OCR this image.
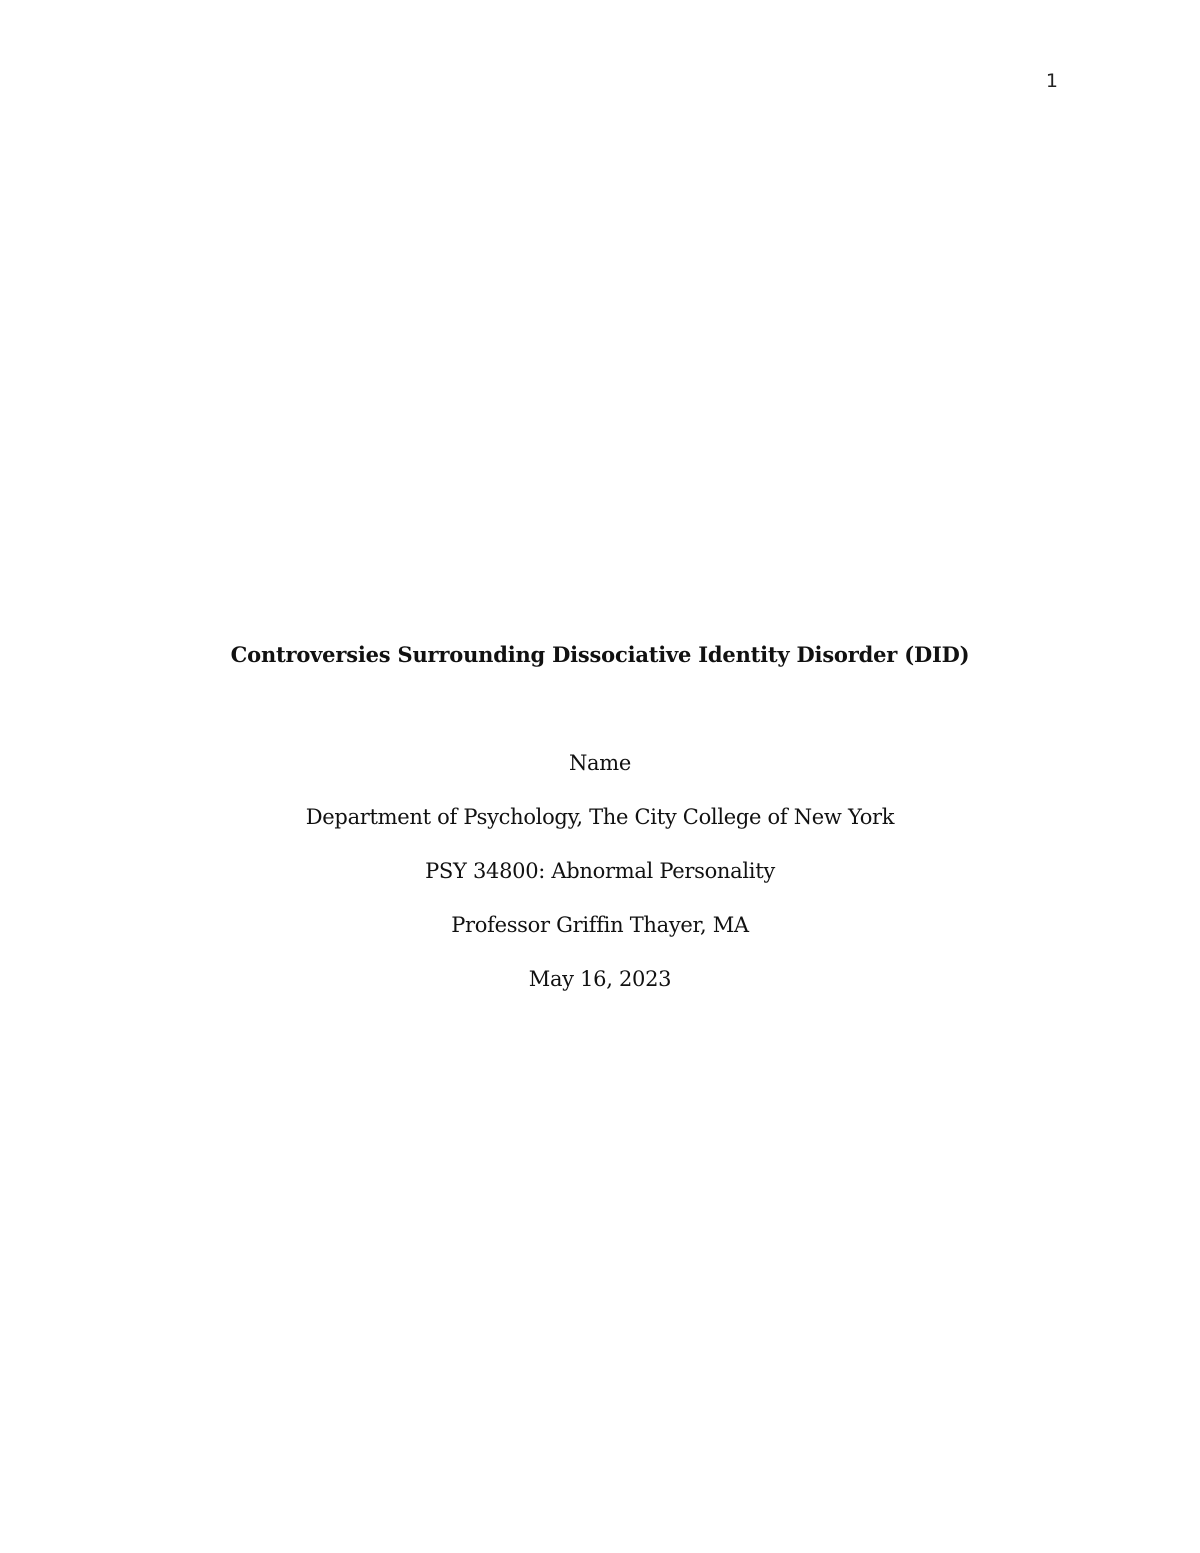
1

Controversies Surrounding Dissociative Identity Disorder (DID)

Name

Department of Psychology, The City College of New York

PSY 34800: Abnormal Personality

Professor Griffin Thayer, MA

May 16, 2023
